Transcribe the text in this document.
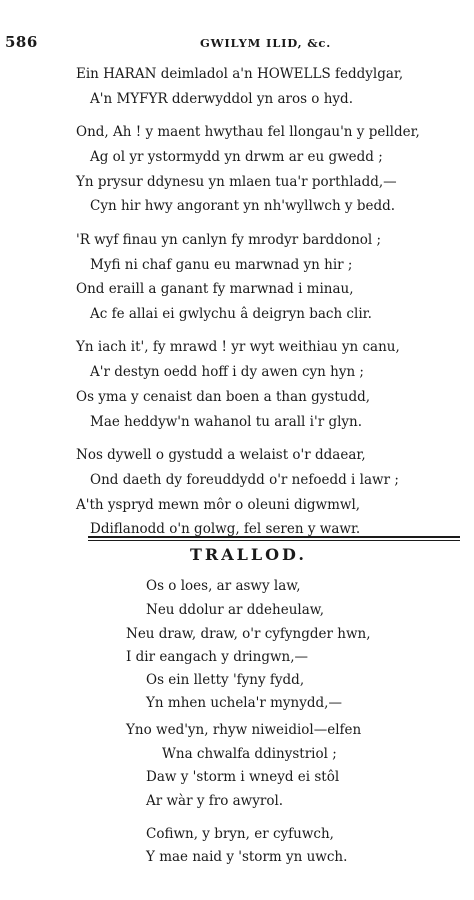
586	GWILYM ILID, &c.
Ein HARAN deimladol a'n HOWELLS feddylgar,
A'n MYFYR dderwyddol yn aros o hyd.
Ond, Ah ! y maent hwythau fel llongau'n y pellder,
Ag ol yr ystormydd yn drwm ar eu gwedd ;
Yn prysur ddynesu yn mlaen tua'r porthladd,—
Cyn hir hwy angorant yn nh'wyllwch y bedd.
'R wyf finau yn canlyn fy mrodyr barddonol ;
Myfi ni chaf ganu eu marwnad yn hir ;
Ond eraill a ganant fy marwnad i minau,
Ac fe allai ei gwlychu â deigryn bach clir.
Yn iach it', fy mrawd ! yr wyt weithiau yn canu,
A'r destyn oedd hoff i dy awen cyn hyn ;
Os yma y cenaist dan boen a than gystudd,
Mae heddyw'n wahanol tu arall i'r glyn.
Nos dywell o gystudd a welaist o'r ddaear,
Ond daeth dy foreuddydd o'r nefoedd i lawr ;
A'th yspryd mewn môr o oleuni digwmwl,
Ddiflanodd o'n golwg, fel seren y wawr.
TRALLOD.
Os o loes, ar aswy law,
Neu ddolur ar ddeheulaw,
Neu draw, draw, o'r cyfyngder hwn,
I dir eangach y dringwn,—
Os ein lletty 'fyny fydd,
Yn mhen uchela'r mynydd,—
Yno wed'yn, rhyw niweidiol—elfen
Wna chwalfa ddinystriol ;
Daw y 'storm i wneyd ei stôl
Ar wàr y fro awyrol.
Cofiwn, y bryn, er cyfuwch,
Y mae naid y 'storm yn uwch.
